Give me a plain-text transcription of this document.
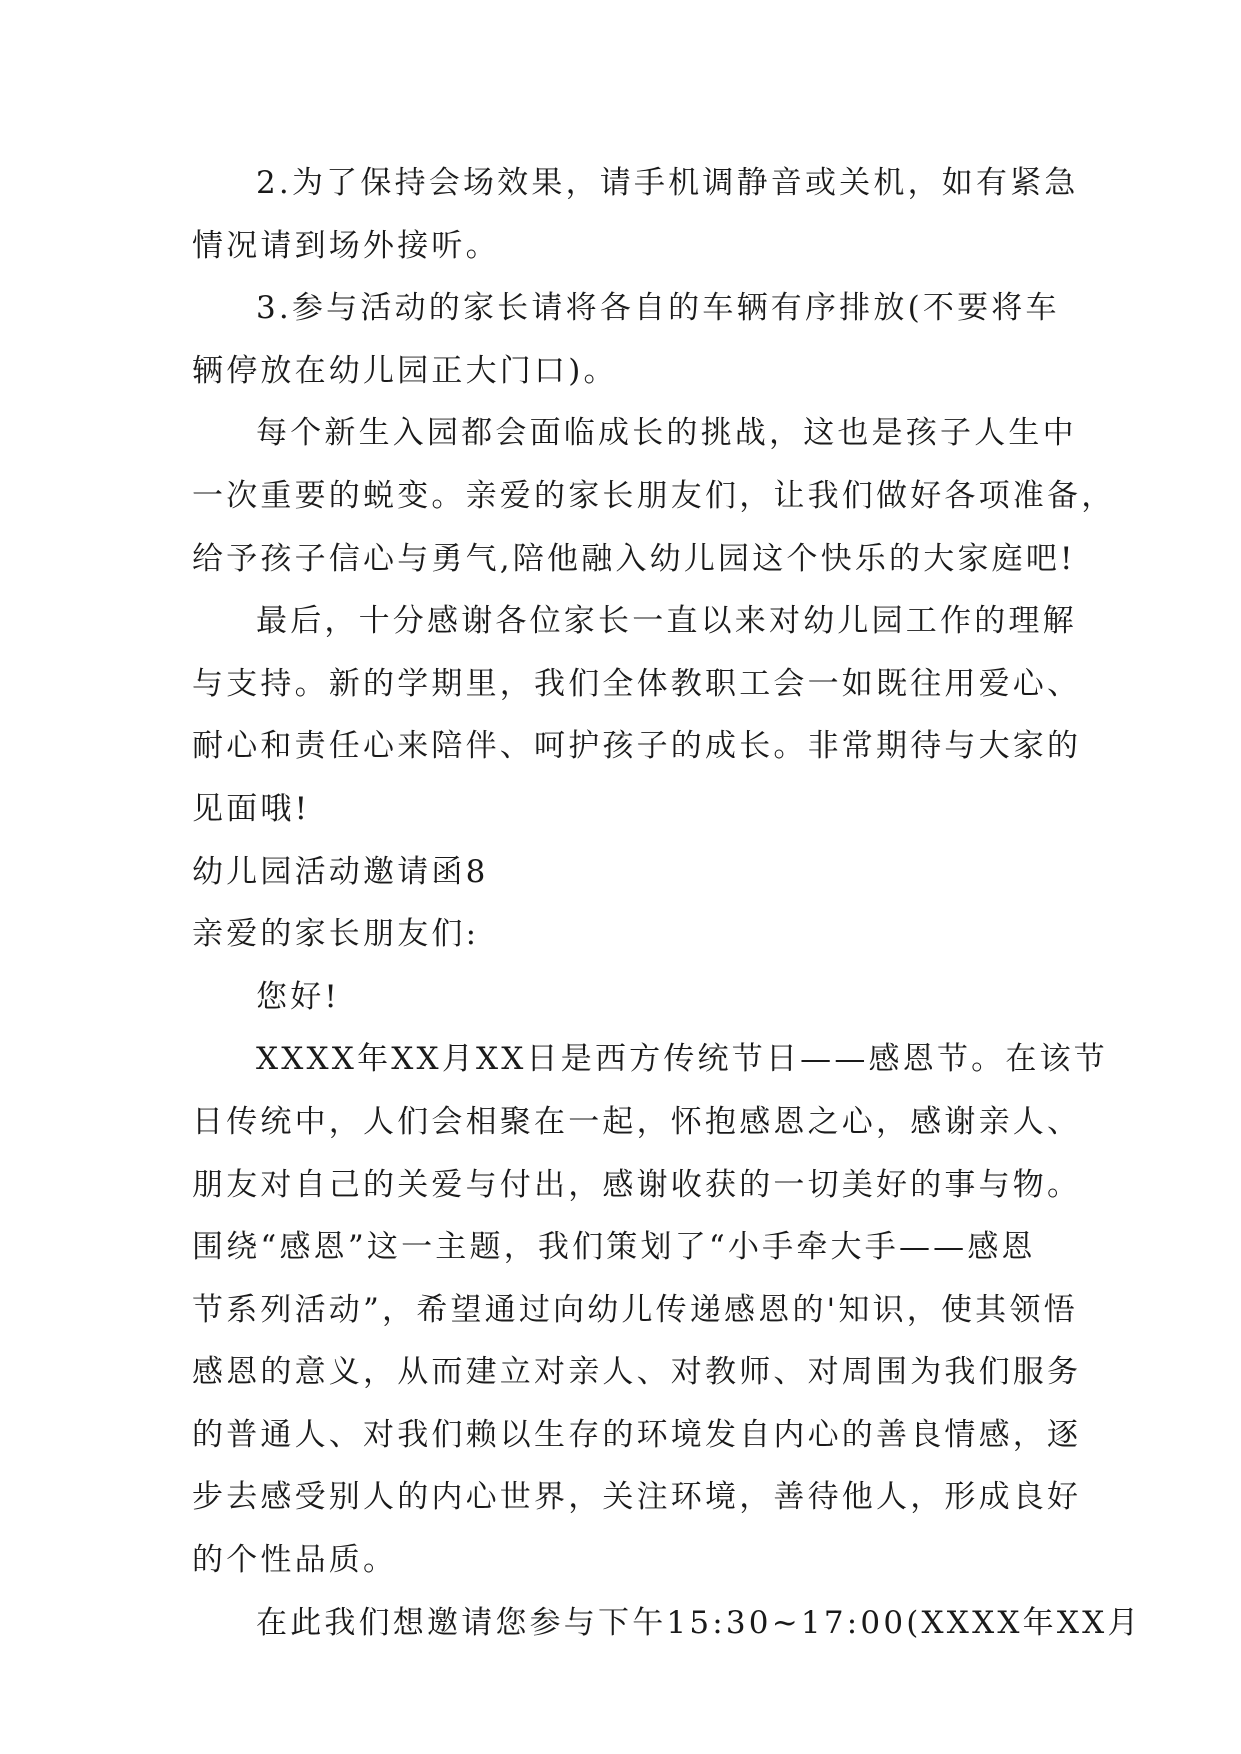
2.为了保持会场效果，请手机调静音或关机，如有紧急
情况请到场外接听。
3.参与活动的家长请将各自的车辆有序排放(不要将车
辆停放在幼儿园正大门口)。
每个新生入园都会面临成长的挑战，这也是孩子人生中
一次重要的蜕变。亲爱的家长朋友们，让我们做好各项准备，
给予孩子信心与勇气,陪他融入幼儿园这个快乐的大家庭吧!
最后，十分感谢各位家长一直以来对幼儿园工作的理解
与支持。新的学期里，我们全体教职工会一如既往用爱心、
耐心和责任心来陪伴、呵护孩子的成长。非常期待与大家的
见面哦!
幼儿园活动邀请函8
亲爱的家长朋友们:
您好!
XXXX年XX月XX日是西方传统节日——感恩节。在该节
日传统中，人们会相聚在一起，怀抱感恩之心，感谢亲人、
朋友对自己的关爱与付出，感谢收获的一切美好的事与物。
围绕“感恩”这一主题，我们策划了“小手牵大手——感恩
节系列活动”，希望通过向幼儿传递感恩的'知识，使其领悟
感恩的意义，从而建立对亲人、对教师、对周围为我们服务
的普通人、对我们赖以生存的环境发自内心的善良情感，逐
步去感受别人的内心世界，关注环境，善待他人，形成良好
的个性品质。
在此我们想邀请您参与下午15:30~17:00(XXXX年XX月
